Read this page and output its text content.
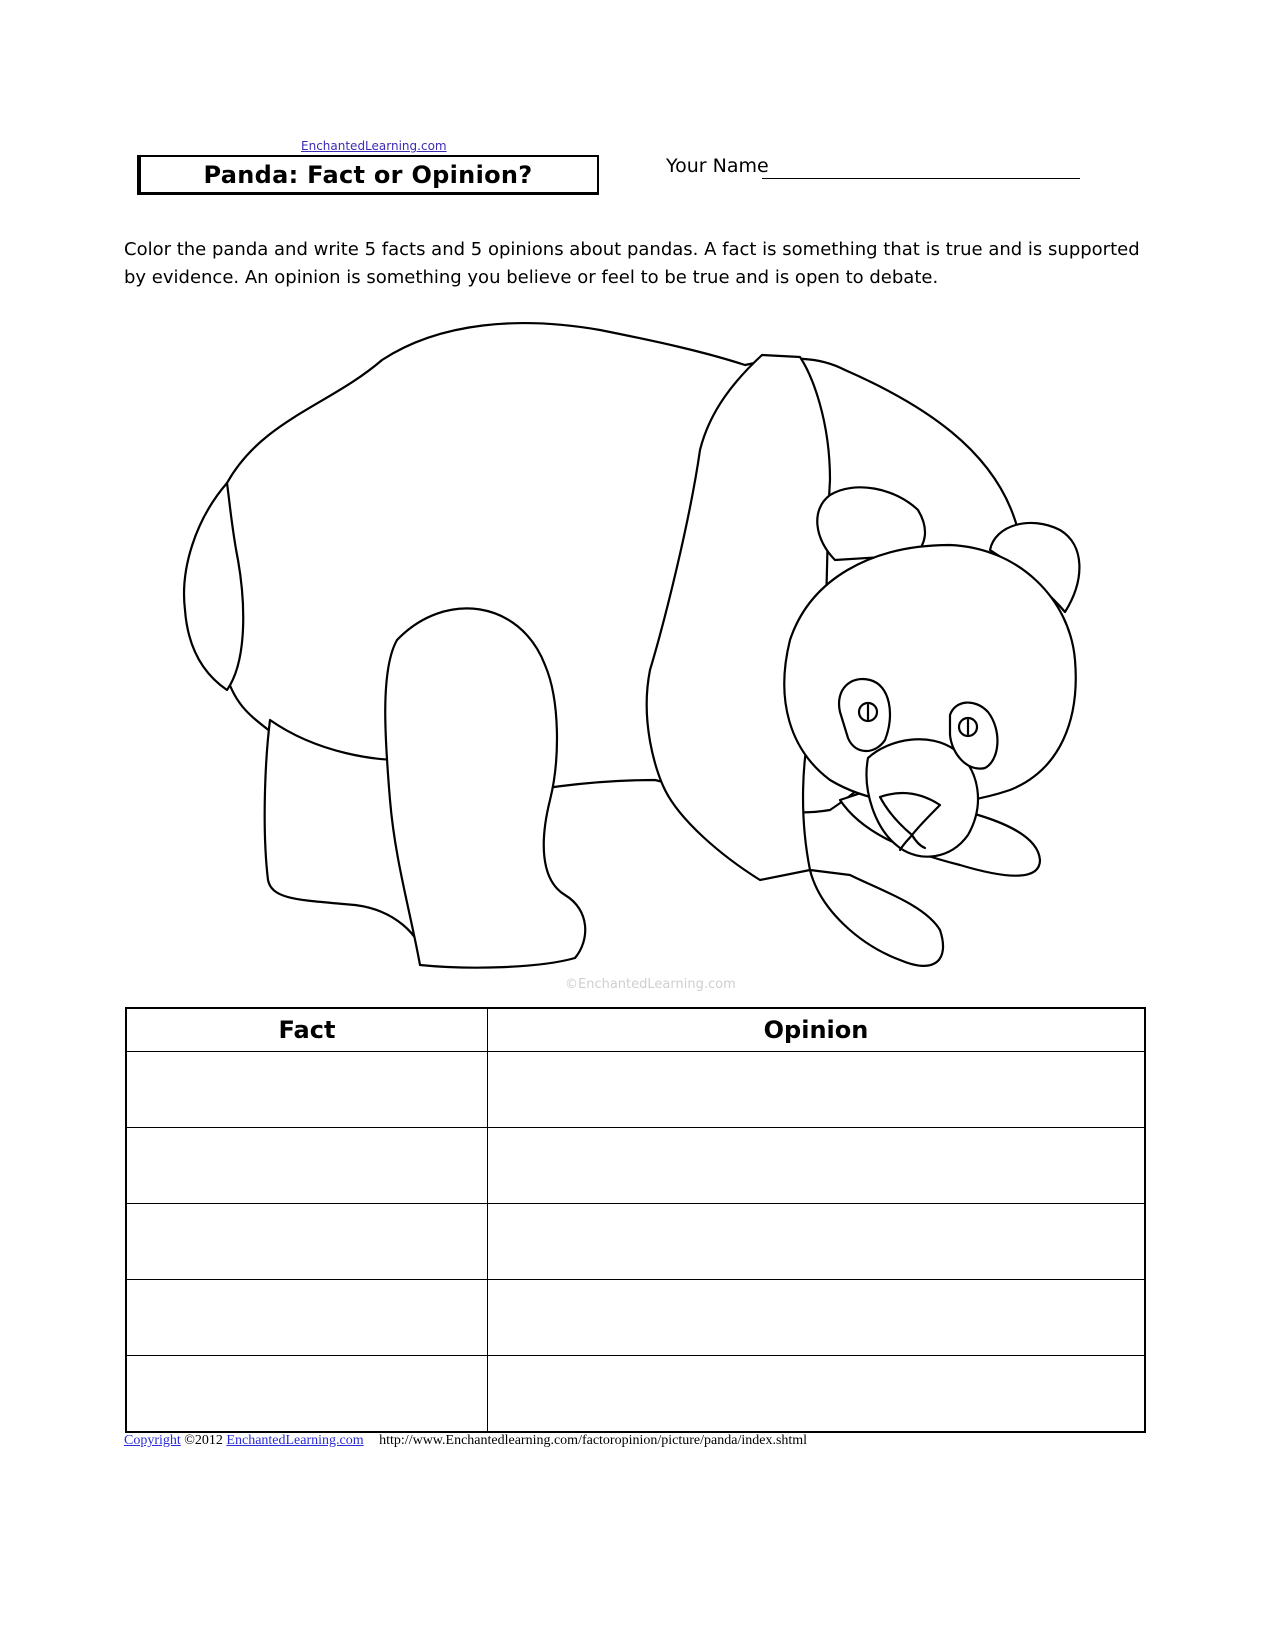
EnchantedLearning.com
Panda: Fact or Opinion?	Your Name
Color the panda and write 5 facts and 5 opinions about pandas. A fact is something that is true and is supported by evidence. An opinion is something you believe or feel to be true and is open to debate.
©EnchantedLearning.com
Fact	Opinion

Copyright ©2012 EnchantedLearning.com http://www.Enchantedlearning.com/factoropinion/picture/panda/index.shtml
